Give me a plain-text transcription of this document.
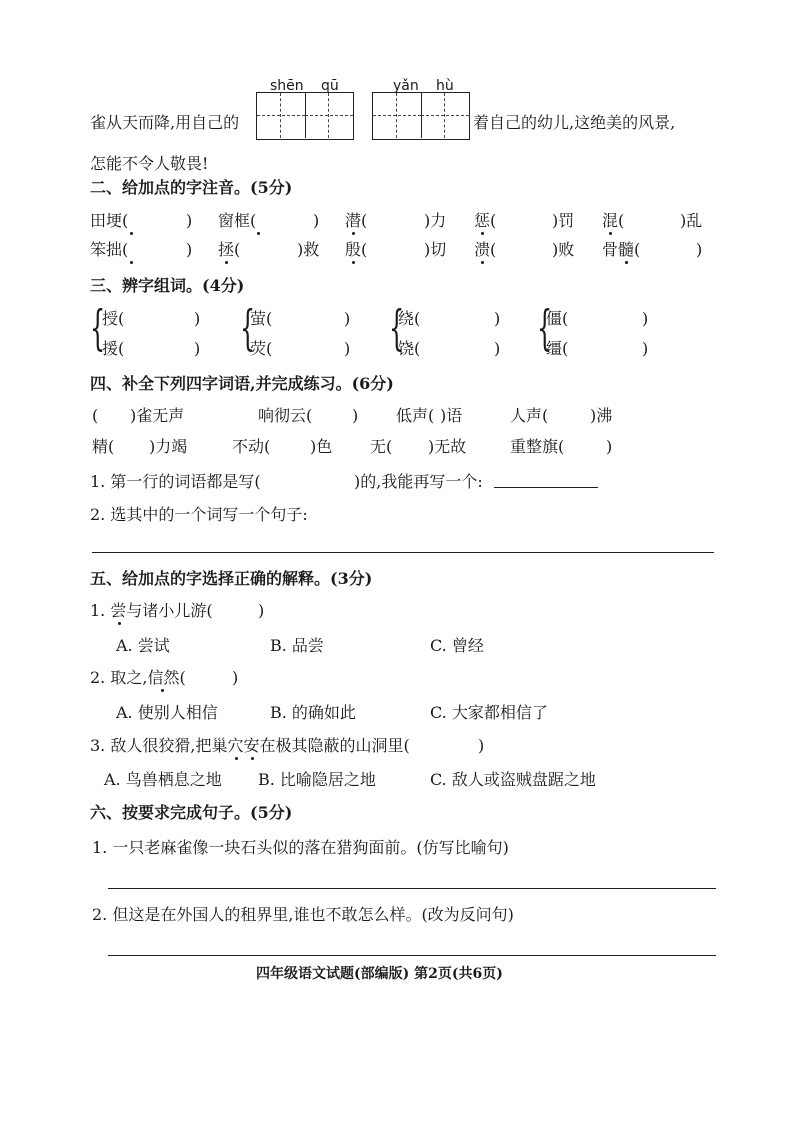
shēn qū	yǎn hù
雀从天而降,用自己的	着自己的幼儿,这绝美的风景,
怎能不令人敬畏!
二、给加点的字注音。(5分)
田埂(	) 窗框(	) 潜(	)力 惩(	)罚 混(	)乱
笨拙(	) 拯(	)救 殷(	)切 溃(	)败 骨髓(	)
三、辨字组词。(4分)
{
授(	)
援(	) {
萤(	)
荧(	) {
绕(	)
饶(	) {
僵(	)
缰(	)
四、补全下列四字词语,并完成练习。(6分)
( )雀无声	响彻云( ) 低声( )语	人声(	)沸
精( )力竭	不动( )色 无( )无故	重整旗(	)
1. 第一行的词语都是写(	)的,我能再写一个:
2. 选其中的一个词写一个句子:
五、给加点的字选择正确的解释。(3分)
1. 尝与诸小儿游(	)
A. 尝试	B. 品尝	C. 曾经
2. 取之,信然(	)
A. 使别人相信	B. 的确如此	C. 大家都相信了
3. 敌人很狡猾,把巢穴安在极其隐蔽的山洞里(	)
A. 鸟兽栖息之地 B. 比喻隐居之地	C. 敌人或盗贼盘踞之地
六、按要求完成句子。(5分)
1. 一只老麻雀像一块石头似的落在猎狗面前。(仿写比喻句)
2. 但这是在外国人的租界里,谁也不敢怎么样。(改为反问句)
四年级语文试题(部编版) 第2页(共6页)
